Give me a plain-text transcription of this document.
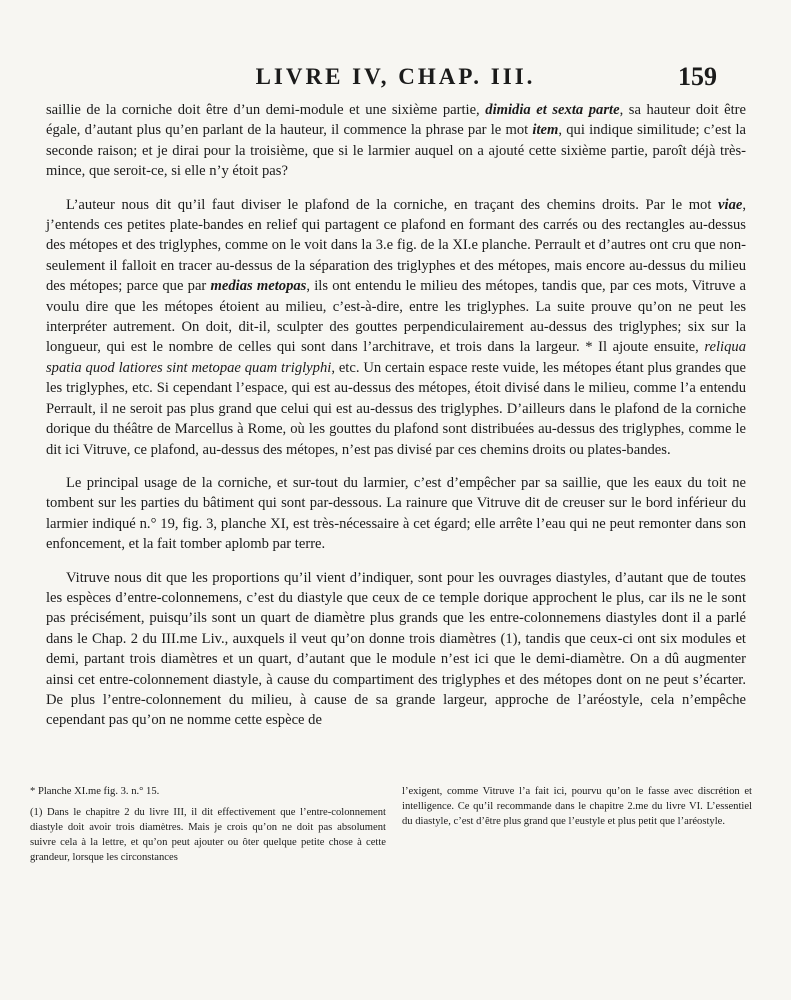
LIVRE IV, CHAP. III.	159

saillie de la corniche doit être d’un demi-module et une sixième partie, dimidia et sexta parte, sa hauteur doit être égale, d’autant plus qu’en parlant de la hauteur, il commence la phrase par le mot item, qui indique similitude; c’est la seconde raison; et je dirai pour la troisième, que si le larmier auquel on a ajouté cette sixième partie, paroît déjà très-mince, que seroit-ce, si elle n’y étoit pas?

L’auteur nous dit qu’il faut diviser le plafond de la corniche, en traçant des chemins droits. Par le mot viae, j’entends ces petites plate-bandes en relief qui partagent ce plafond en formant des carrés ou des rectangles au-dessus des métopes et des triglyphes, comme on le voit dans la 3.e fig. de la XI.e planche. Perrault et d’autres ont cru que non-seulement il falloit en tracer au-dessus de la séparation des triglyphes et des métopes, mais encore au-dessus du milieu des métopes; parce que par medias metopas, ils ont entendu le milieu des métopes, tandis que, par ces mots, Vitruve a voulu dire que les métopes étoient au milieu, c’est-à-dire, entre les triglyphes. La suite prouve qu’on ne peut les interpréter autrement. On doit, dit-il, sculpter des gouttes perpendiculairement au-dessus des triglyphes; six sur la longueur, qui est le nombre de celles qui sont dans l’architrave, et trois dans la largeur. * Il ajoute ensuite, reliqua spatia quod latiores sint metopae quam triglyphi, etc. Un certain espace reste vuide, les métopes étant plus grandes que les triglyphes, etc. Si cependant l’espace, qui est au-dessus des métopes, étoit divisé dans le milieu, comme l’a entendu Perrault, il ne seroit pas plus grand que celui qui est au-dessus des triglyphes. D’ailleurs dans le plafond de la corniche dorique du théâtre de Marcellus à Rome, où les gouttes du plafond sont distribuées au-dessus des triglyphes, comme le dit ici Vitruve, ce plafond, au-dessus des métopes, n’est pas divisé par ces chemins droits ou plates-bandes.

Le principal usage de la corniche, et sur-tout du larmier, c’est d’empêcher par sa saillie, que les eaux du toit ne tombent sur les parties du bâtiment qui sont par-dessous. La rainure que Vitruve dit de creuser sur le bord inférieur du larmier indiqué n.° 19, fig. 3, planche XI, est très-nécessaire à cet égard; elle arrête l’eau qui ne peut remonter dans son enfoncement, et la fait tomber aplomb par terre.

Vitruve nous dit que les proportions qu’il vient d’indiquer, sont pour les ouvrages diastyles, d’autant que de toutes les espèces d’entre-colonnemens, c’est du diastyle que ceux de ce temple dorique approchent le plus, car ils ne le sont pas précisément, puisqu’ils sont un quart de diamètre plus grands que les entre-colonnemens diastyles dont il a parlé dans le Chap. 2 du III.me Liv., auxquels il veut qu’on donne trois diamètres (1), tandis que ceux-ci ont six modules et demi, partant trois diamètres et un quart, d’autant que le module n’est ici que le demi-diamètre. On a dû augmenter ainsi cet entre-colonnement diastyle, à cause du compartiment des triglyphes et des métopes dont on ne peut s’écarter. De plus l’entre-colonnement du milieu, à cause de sa grande largeur, approche de l’aréostyle, cela n’empêche cependant pas qu’on ne nomme cette espèce de

* Planche XI.me fig. 3. n.° 15.

(1) Dans le chapitre 2 du livre III, il dit effectivement que l’entre-colonnement diastyle doit avoir trois diamètres. Mais je crois qu’on ne doit pas absolument suivre cela à la lettre, et qu’on peut ajouter ou ôter quelque petite chose à cette grandeur, lorsque les circonstances

l’exigent, comme Vitruve l’a fait ici, pourvu qu’on le fasse avec discrétion et intelligence. Ce qu’il recommande dans le chapitre 2.me du livre VI. L’essentiel du diastyle, c’est d’être plus grand que l’eustyle et plus petit que l’aréostyle.
